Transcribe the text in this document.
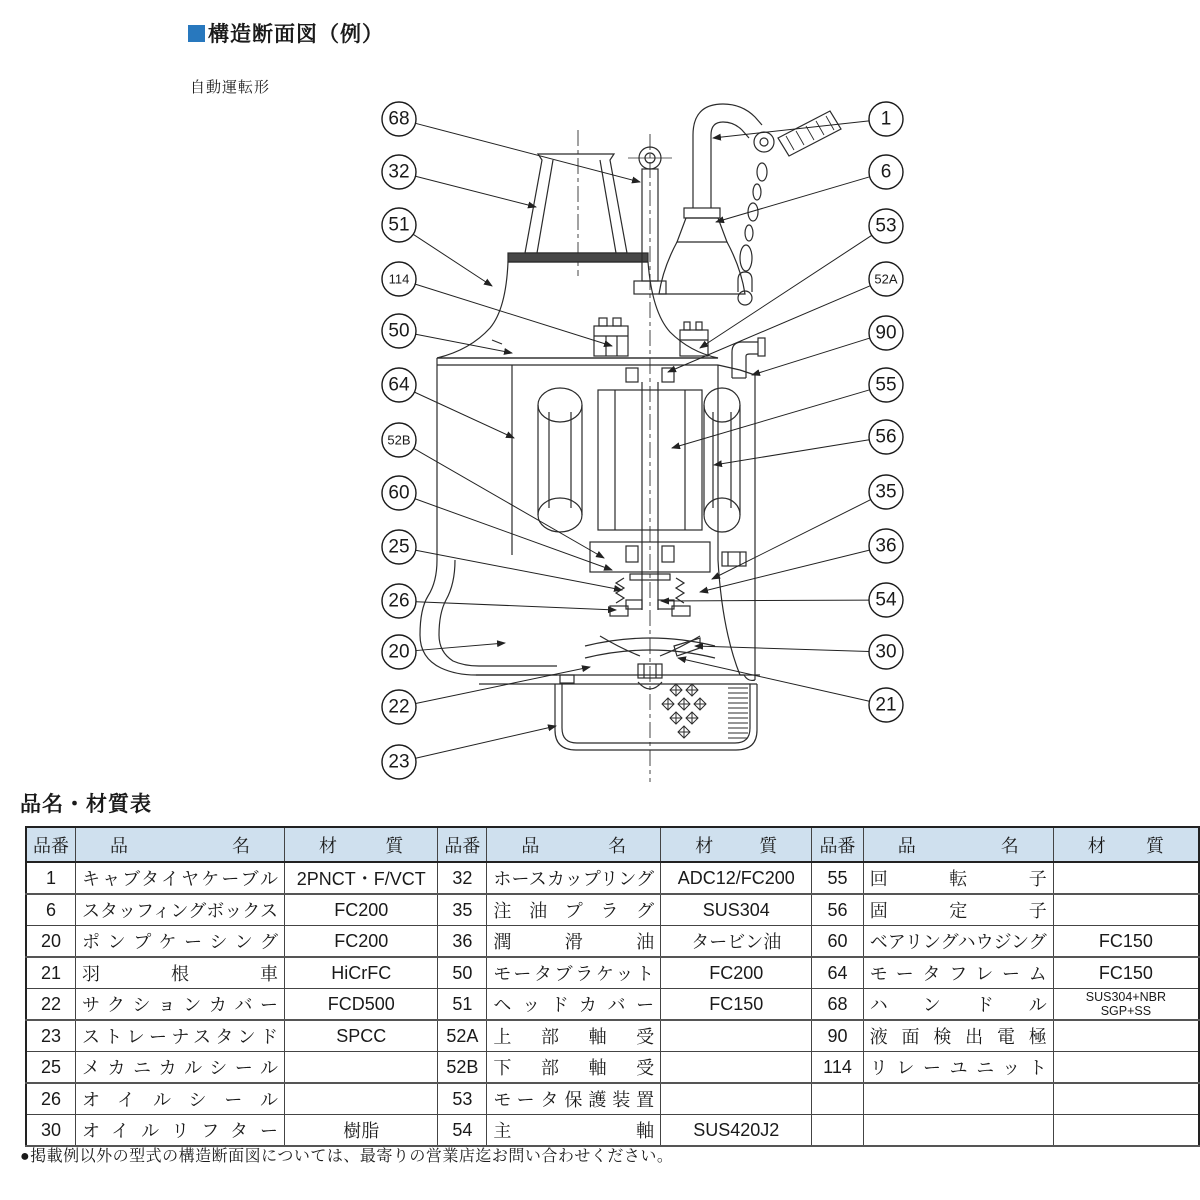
構造断面図（例）
自動運転形
68
32
51
114
50
64
52B
60
25
26
20
22
23
1
6
53
52A
90
55
56
35
36
54
30
21
品名・材質表
品番	品名	材質	品番	品名	材質	品番	品名	材質
1	キャブタイヤケーブル	2PNCT・F/VCT	32	ホースカップリング	ADC12/FC200	55	回転子	
6	スタッフィングボックス	FC200	35	注油プラグ	SUS304	56	固定子	
20	ポンプケーシング	FC200	36	潤滑油	タービン油	60	ベアリングハウジング	FC150
21	羽根車	HiCrFC	50	モータブラケット	FC200	64	モータフレーム	FC150
22	サクションカバー	FCD500	51	ヘッドカバー	FC150	68	ハンドル	SUS304+NBR
SGP+SS

23	ストレーナスタンド	SPCC	52A	上部軸受		90	液面検出電極	
25	メカニカルシール		52B	下部軸受		114	リレーユニット	
26	オイルシール		53	モータ保護装置				
30	オイルリフター	樹脂	54	主軸	SUS420J2			
●掲載例以外の型式の構造断面図については、最寄りの営業店迄お問い合わせください。
